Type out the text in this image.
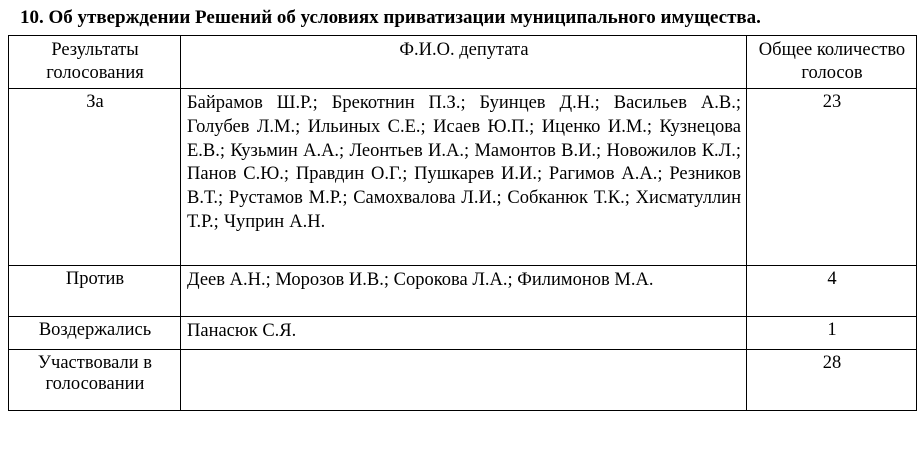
10. Об утверждении Решений об условиях приватизации муниципального имущества.
Результаты голосования	Ф.И.О. депутата	Общее количество голосов
За	Байрамов Ш.Р.; Брекотнин П.З.; Буинцев Д.Н.; Васильев А.В.; Голубев Л.М.; Ильиных С.Е.; Исаев Ю.П.; Иценко И.М.; Кузнецова Е.В.; Кузьмин А.А.; Леонтьев И.А.; Мамонтов В.И.; Новожилов К.Л.; Панов С.Ю.; Правдин О.Г.; Пушкарев И.И.; Рагимов А.А.; Резников В.Т.; Рустамов М.Р.; Самохвалова Л.И.; Собканюк Т.К.; Хисматуллин Т.Р.; Чуприн А.Н.	23
Против	Деев А.Н.; Морозов И.В.; Сорокова Л.А.; Филимонов М.А.	4
Воздержались	Панасюк С.Я.	1
Участвовали в голосовании		28
